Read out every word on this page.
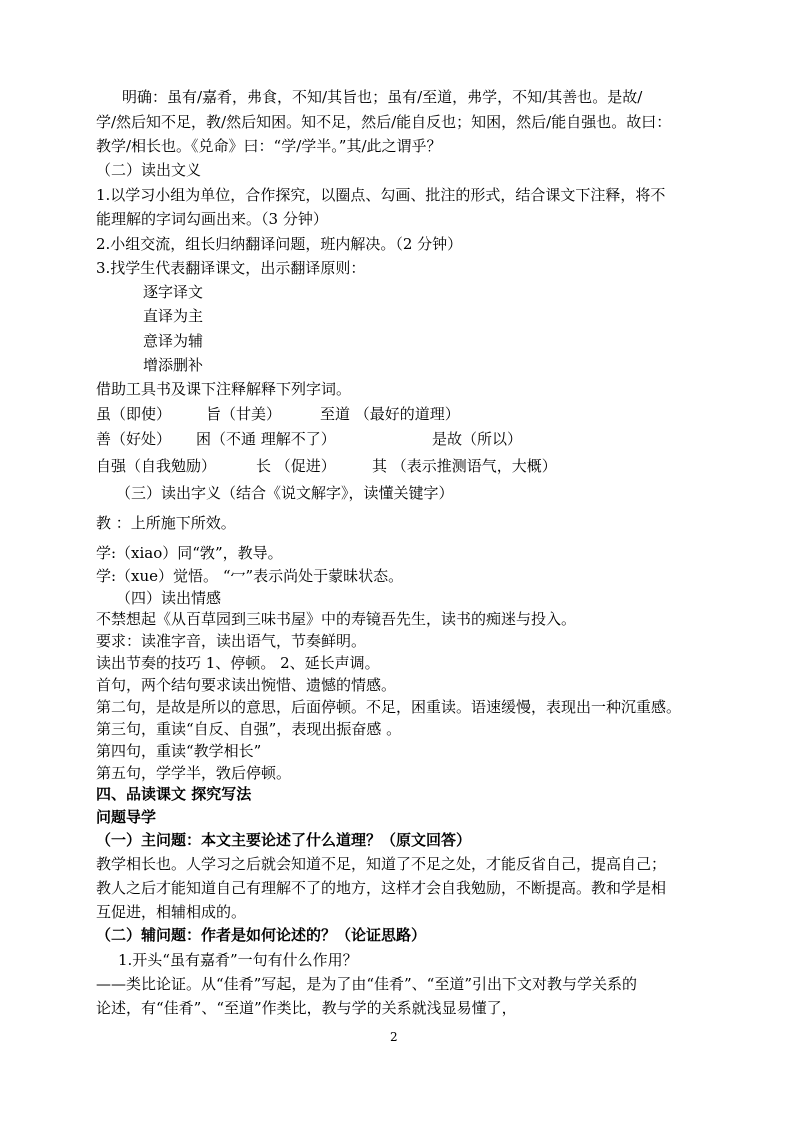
明确：虽有/嘉肴，弗食，不知/其旨也；虽有/至道，弗学，不知/其善也。是故/
学/然后知不足，教/然后知困。知不足，然后/能自反也；知困，然后/能自强也。故曰：
教学/相长也。《兑命》曰：“学/学半。”其/此之谓乎？
（二）读出文义
1.以学习小组为单位，合作探究，以圈点、勾画、批注的形式，结合课文下注释，将不
能理解的字词勾画出来。（3 分钟）
2.小组交流，组长归纳翻译问题，班内解决。（2 分钟）
3.找学生代表翻译课文，出示翻译原则：
逐字译文
直译为主
意译为辅
增添删补
借助工具书及课下注释解释下列字词。
虽（即使） 旨（甘美）	至道 （最好的道理）
善（好处） 困（不通 理解不了）	是故（所以）
自强（自我勉励）	长 （促进） 其 （表示推测语气，大概）
（三）读出字义（结合《说文解字》，读懂关键字）
教 ：上所施下所效。
学:（xiao）同“敩”，教导。
学:（xue）觉悟。 “冖”表示尚处于蒙昧状态。
（四）读出情感
不禁想起《从百草园到三味书屋》中的寿镜吾先生，读书的痴迷与投入。
要求：读准字音，读出语气，节奏鲜明。
读出节奏的技巧 1、停顿。 2、延长声调。
首句，两个结句要求读出惋惜、遗憾的情感。
第二句，是故是所以的意思，后面停顿。不足，困重读。语速缓慢，表现出一种沉重感。
第三句，重读“自反、自强”，表现出振奋感 。
第四句，重读“教学相长”
第五句，学学半，敩后停顿。
四、品读课文 探究写法
问题导学
（一）主问题：本文主要论述了什么道理？（原文回答）
教学相长也。人学习之后就会知道不足，知道了不足之处，才能反省自己，提高自己；
教人之后才能知道自己有理解不了的地方，这样才会自我勉励，不断提高。教和学是相
互促进，相辅相成的。
（二）辅问题：作者是如何论述的？（论证思路）
1.开头“虽有嘉肴”一句有什么作用？
——类比论证。从“佳肴”写起，是为了由“佳肴”、“至道”引出下文对教与学关系的
论述，有“佳肴”、“至道”作类比，教与学的关系就浅显易懂了，
2
